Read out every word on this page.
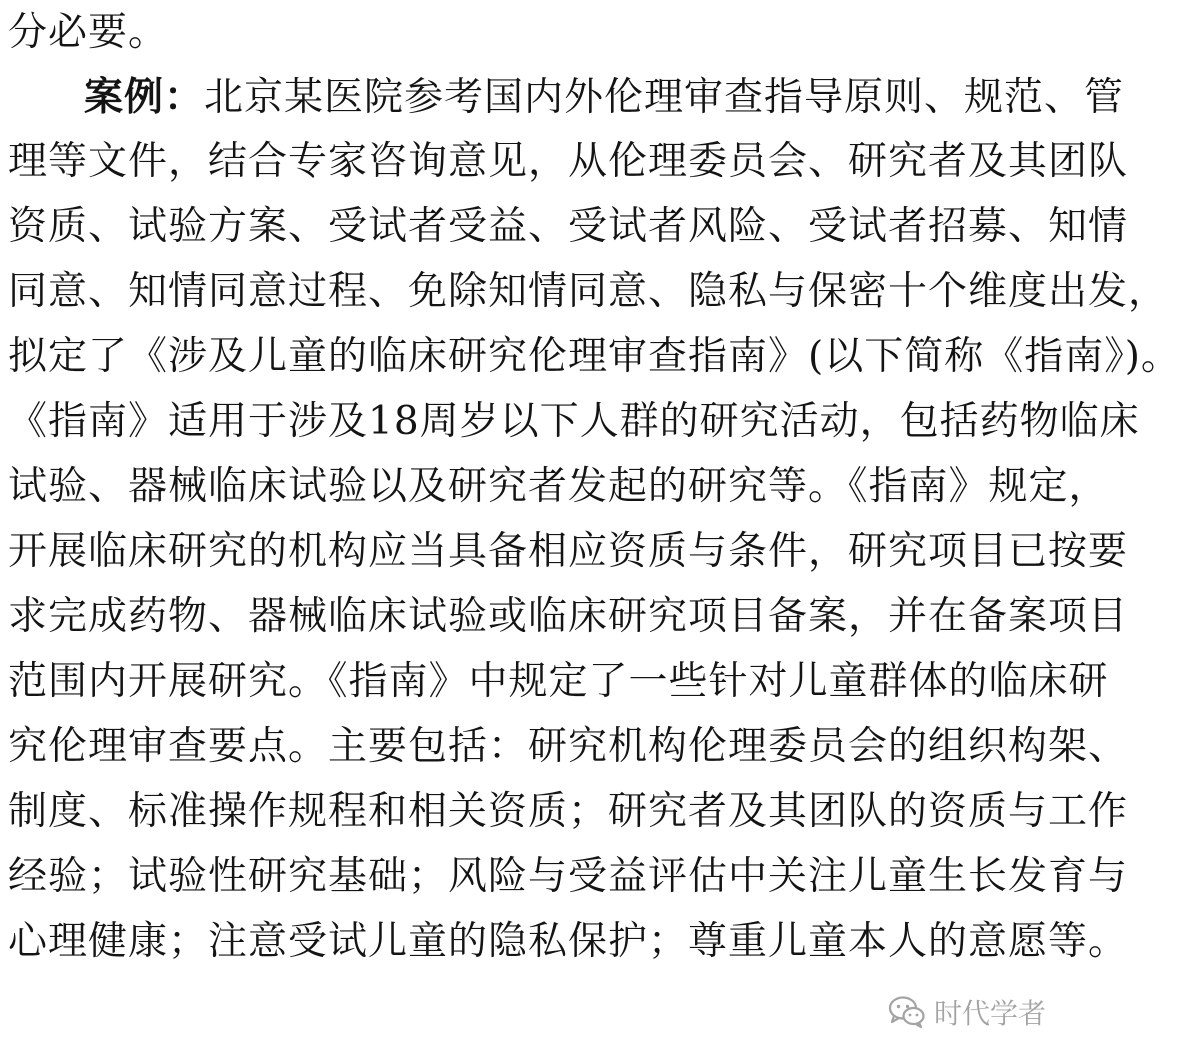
分必要。
案例：北京某医院参考国内外伦理审查指导原则、规范、管
理等文件，结合专家咨询意见，从伦理委员会、研究者及其团队
资质、试验方案、受试者受益、受试者风险、受试者招募、知情
同意、知情同意过程、免除知情同意、隐私与保密十个维度出发，
拟定了《涉及儿童的临床研究伦理审查指南》(以下简称《指南》)。
《指南》适用于涉及18周岁以下人群的研究活动，包括药物临床
试验、器械临床试验以及研究者发起的研究等。《指南》规定，
开展临床研究的机构应当具备相应资质与条件，研究项目已按要
求完成药物、器械临床试验或临床研究项目备案，并在备案项目
范围内开展研究。《指南》中规定了一些针对儿童群体的临床研
究伦理审查要点。主要包括：研究机构伦理委员会的组织构架、
制度、标准操作规程和相关资质；研究者及其团队的资质与工作
经验；试验性研究基础；风险与受益评估中关注儿童生长发育与
心理健康；注意受试儿童的隐私保护；尊重儿童本人的意愿等。
时代学者
